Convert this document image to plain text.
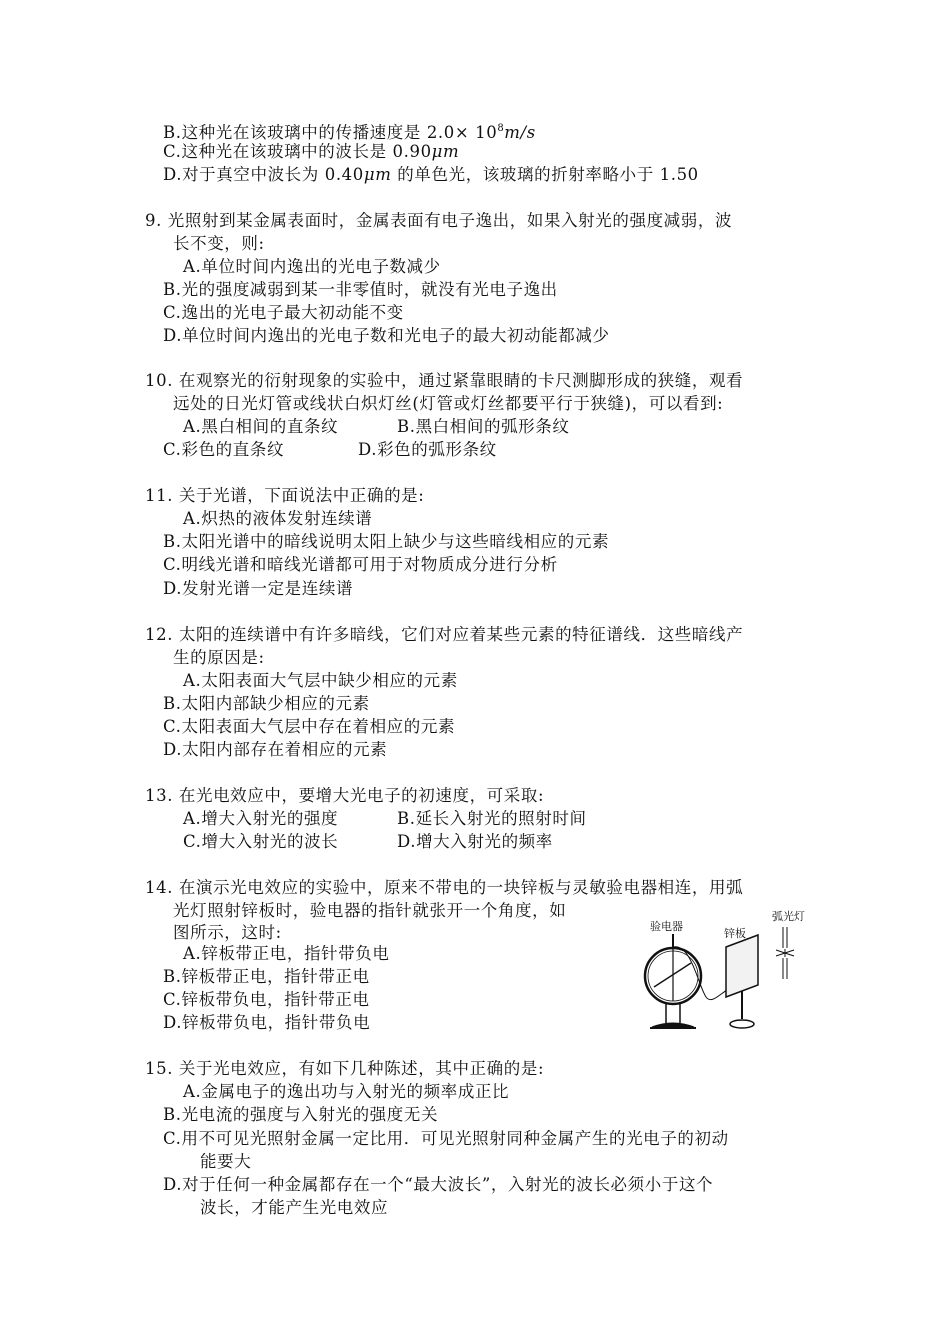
B.这种光在该玻璃中的传播速度是 $2.0\times 10^8m/s$
C.这种光在该玻璃中的波长是 0.90μm
D.对于真空中波长为 0.40μm 的单色光，该玻璃的折射率略小于 1.50
9. 光照射到某金属表面时，金属表面有电子逸出，如果入射光的强度减弱，波
长不变，则:
A.单位时间内逸出的光电子数减少
B.光的强度减弱到某一非零值时，就没有光电子逸出
C.逸出的光电子最大初动能不变
D.单位时间内逸出的光电子数和光电子的最大初动能都减少
10. 在观察光的衍射现象的实验中，通过紧靠眼睛的卡尺测脚形成的狭缝，观看
远处的日光灯管或线状白炽灯丝(灯管或灯丝都要平行于狭缝)，可以看到:
A.黑白相间的直条纹	B.黑白相间的弧形条纹
C.彩色的直条纹	D.彩色的弧形条纹
11. 关于光谱，下面说法中正确的是:
A.炽热的液体发射连续谱
B.太阳光谱中的暗线说明太阳上缺少与这些暗线相应的元素
C.明线光谱和暗线光谱都可用于对物质成分进行分析
D.发射光谱一定是连续谱
12. 太阳的连续谱中有许多暗线，它们对应着某些元素的特征谱线．这些暗线产
生的原因是:
A.太阳表面大气层中缺少相应的元素
B.太阳内部缺少相应的元素
C.太阳表面大气层中存在着相应的元素
D.太阳内部存在着相应的元素
13. 在光电效应中，要增大光电子的初速度，可采取:
A.增大入射光的强度	B.延长入射光的照射时间
C.增大入射光的波长	D.增大入射光的频率
14. 在演示光电效应的实验中，原来不带电的一块锌板与灵敏验电器相连，用弧
光灯照射锌板时，验电器的指针就张开一个角度，如
图所示，这时:
A.锌板带正电，指针带负电
B.锌板带正电，指针带正电
C.锌板带负电，指针带正电
D.锌板带负电，指针带负电
验电器
锌板
弧光灯
15. 关于光电效应，有如下几种陈述，其中正确的是:
A.金属电子的逸出功与入射光的频率成正比
B.光电流的强度与入射光的强度无关
C.用不可见光照射金属一定比用．可见光照射同种金属产生的光电子的初动
能要大
D.对于任何一种金属都存在一个“最大波长”，入射光的波长必须小于这个
波长，才能产生光电效应
